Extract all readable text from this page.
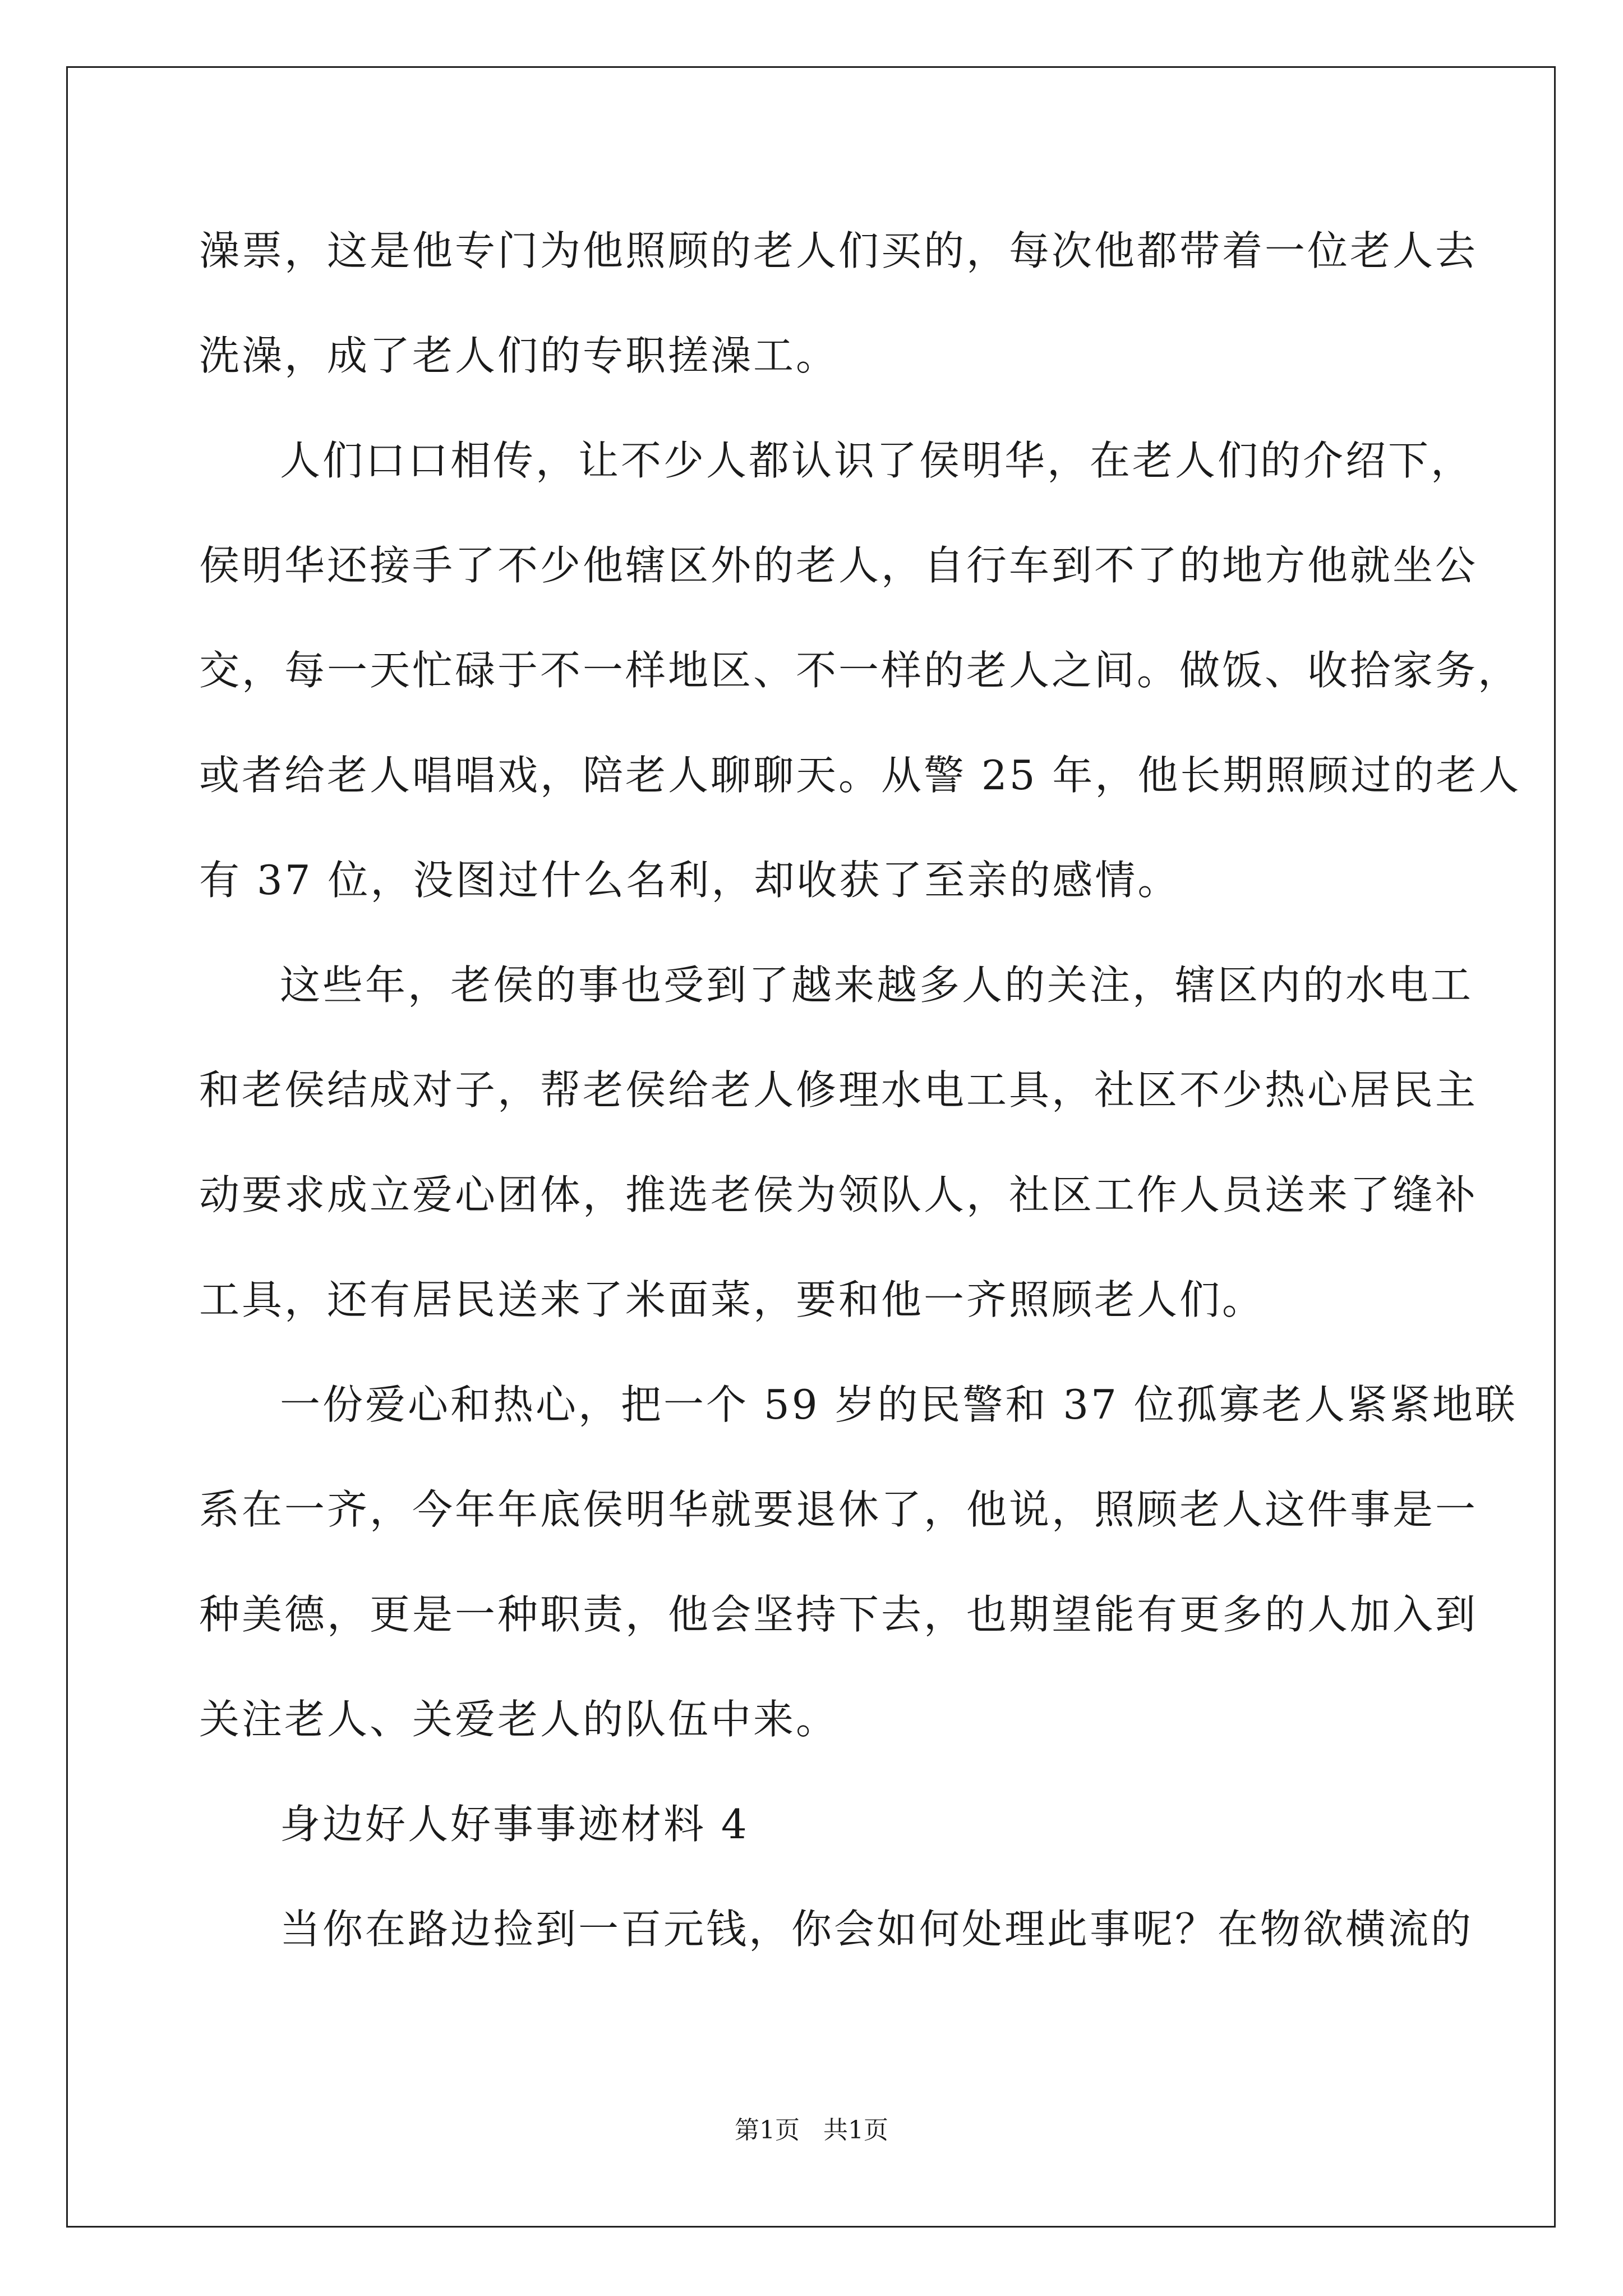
澡票，这是他专门为他照顾的老人们买的，每次他都带着一位老人去
洗澡，成了老人们的专职搓澡工。
人们口口相传，让不少人都认识了侯明华，在老人们的介绍下，
侯明华还接手了不少他辖区外的老人，自行车到不了的地方他就坐公
交，每一天忙碌于不一样地区、不一样的老人之间。做饭、收拾家务，
或者给老人唱唱戏，陪老人聊聊天。从警 25 年，他长期照顾过的老人
有 37 位，没图过什么名利，却收获了至亲的感情。
这些年，老侯的事也受到了越来越多人的关注，辖区内的水电工
和老侯结成对子，帮老侯给老人修理水电工具，社区不少热心居民主
动要求成立爱心团体，推选老侯为领队人，社区工作人员送来了缝补
工具，还有居民送来了米面菜，要和他一齐照顾老人们。
一份爱心和热心，把一个 59 岁的民警和 37 位孤寡老人紧紧地联
系在一齐，今年年底侯明华就要退休了，他说，照顾老人这件事是一
种美德，更是一种职责，他会坚持下去，也期望能有更多的人加入到
关注老人、关爱老人的队伍中来。
身边好人好事事迹材料 4
当你在路边捡到一百元钱，你会如何处理此事呢？在物欲横流的
第1页   共1页
